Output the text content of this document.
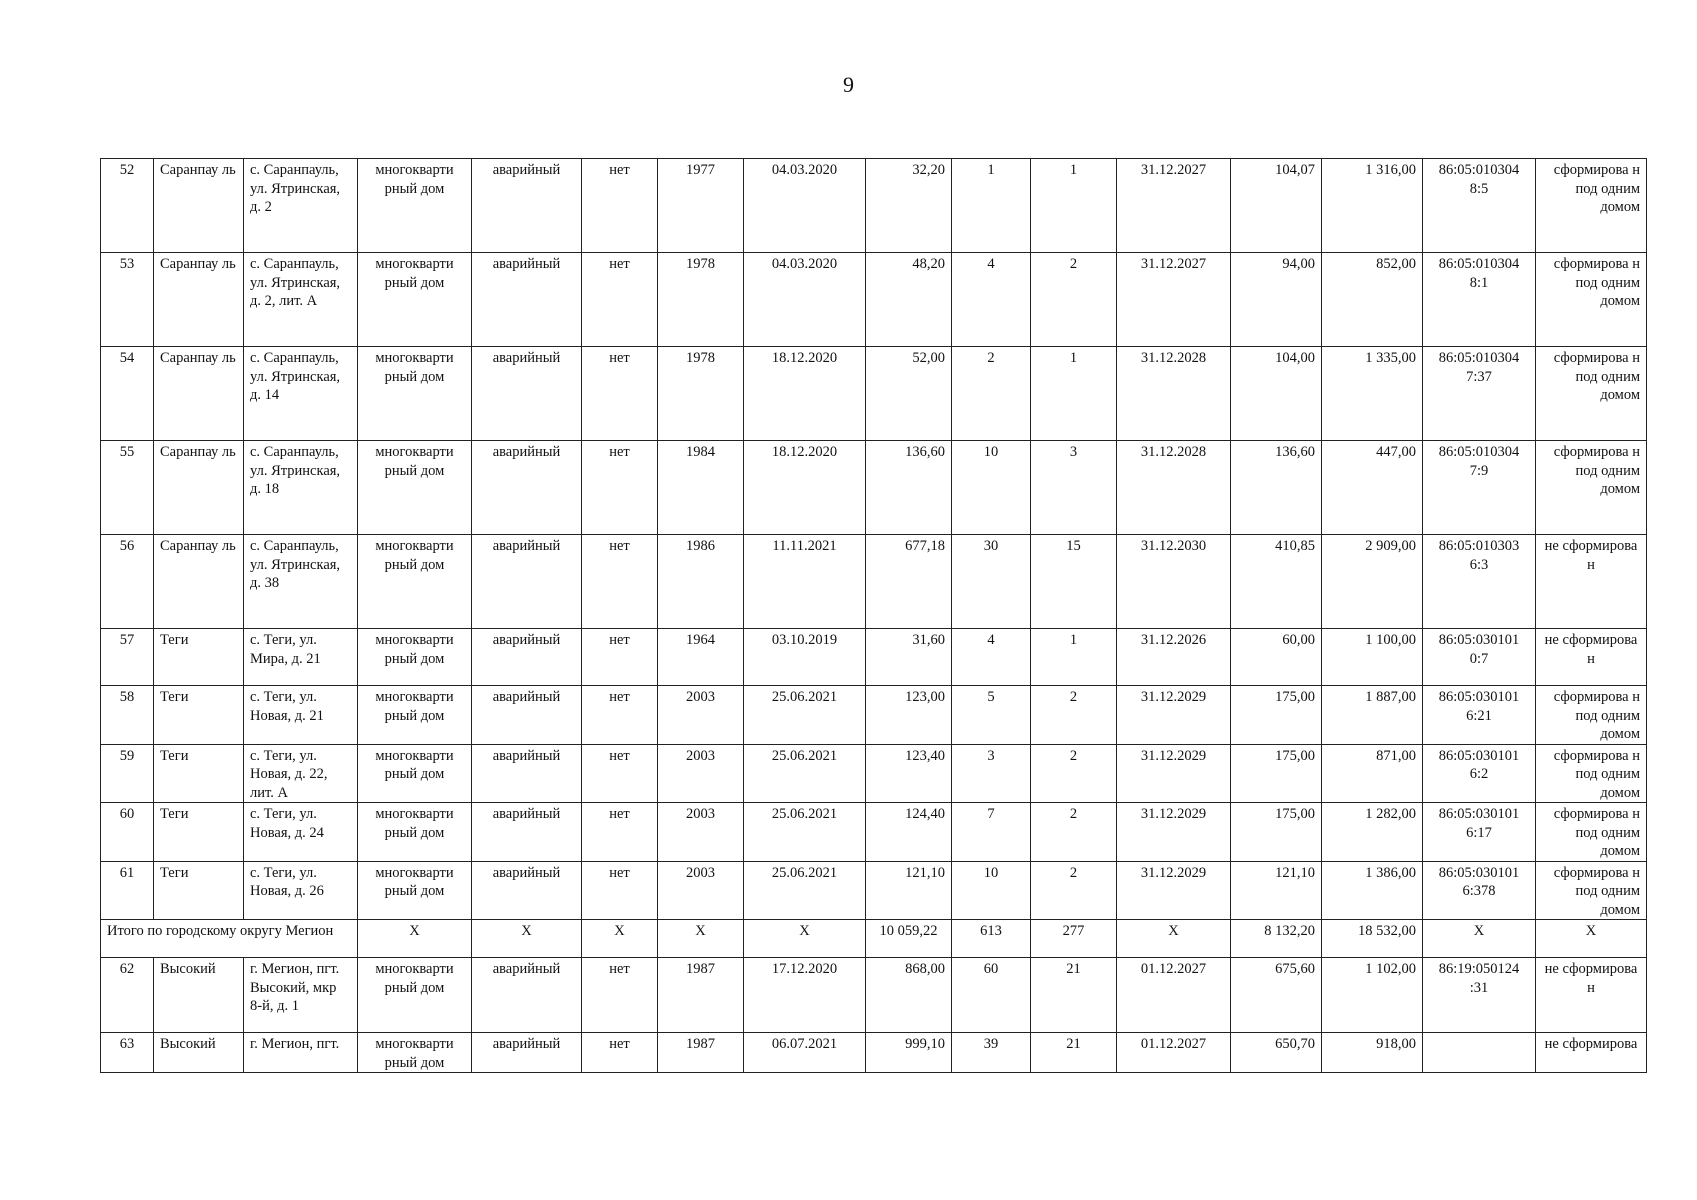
9
52	Саранпау ль	с. Саранпауль, ул. Ятринская, д. 2	многокварти рный дом	аварийный	нет	1977	04.03.2020	32,20	1	1	31.12.2027	104,07	1 316,00	86:05:010304 8:5	сформирова н под одним домом
53	Саранпау ль	с. Саранпауль, ул. Ятринская, д. 2, лит. А	многокварти рный дом	аварийный	нет	1978	04.03.2020	48,20	4	2	31.12.2027	94,00	852,00	86:05:010304 8:1	сформирова н под одним домом
54	Саранпау ль	с. Саранпауль, ул. Ятринская, д. 14	многокварти рный дом	аварийный	нет	1978	18.12.2020	52,00	2	1	31.12.2028	104,00	1 335,00	86:05:010304 7:37	сформирова н под одним домом
55	Саранпау ль	с. Саранпауль, ул. Ятринская, д. 18	многокварти рный дом	аварийный	нет	1984	18.12.2020	136,60	10	3	31.12.2028	136,60	447,00	86:05:010304 7:9	сформирова н под одним домом
56	Саранпау ль	с. Саранпауль, ул. Ятринская, д. 38	многокварти рный дом	аварийный	нет	1986	11.11.2021	677,18	30	15	31.12.2030	410,85	2 909,00	86:05:010303 6:3	не сформирова н
57	Теги	с. Теги, ул. Мира, д. 21	многокварти рный дом	аварийный	нет	1964	03.10.2019	31,60	4	1	31.12.2026	60,00	1 100,00	86:05:030101 0:7	не сформирова н
58	Теги	с. Теги, ул. Новая, д. 21	многокварти рный дом	аварийный	нет	2003	25.06.2021	123,00	5	2	31.12.2029	175,00	1 887,00	86:05:030101 6:21	сформирова н под одним домом
59	Теги	с. Теги, ул. Новая, д. 22, лит. А	многокварти рный дом	аварийный	нет	2003	25.06.2021	123,40	3	2	31.12.2029	175,00	871,00	86:05:030101 6:2	сформирова н под одним домом
60	Теги	с. Теги, ул. Новая, д. 24	многокварти рный дом	аварийный	нет	2003	25.06.2021	124,40	7	2	31.12.2029	175,00	1 282,00	86:05:030101 6:17	сформирова н под одним домом
61	Теги	с. Теги, ул. Новая, д. 26	многокварти рный дом	аварийный	нет	2003	25.06.2021	121,10	10	2	31.12.2029	121,10	1 386,00	86:05:030101 6:378	сформирова н под одним домом
Итого по городскому округу Мегион			X	X	X	X	X	10 059,22	613	277	X	8 132,20	18 532,00	X	X
62	Высокий	г. Мегион, пгт. Высокий, мкр 8-й, д. 1	многокварти рный дом	аварийный	нет	1987	17.12.2020	868,00	60	21	01.12.2027	675,60	1 102,00	86:19:050124 :31	не сформирова н
63	Высокий	г. Мегион, пгт.	многокварти рный дом	аварийный	нет	1987	06.07.2021	999,10	39	21	01.12.2027	650,70	918,00		не сформирова
